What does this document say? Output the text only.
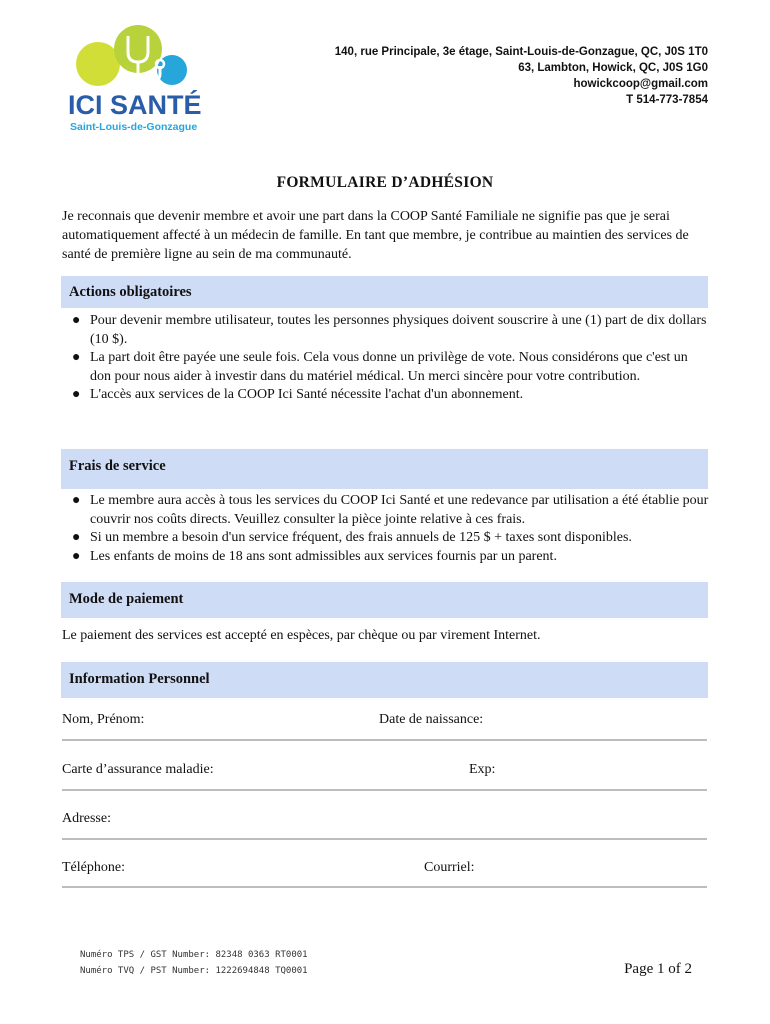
ICI SANTÉ
Saint-Louis-de-Gonzague
140, rue Principale, 3e étage, Saint-Louis-de-Gonzague, QC, J0S 1T0
63, Lambton, Howick, QC, J0S 1G0
howickcoop@gmail.com
T 514-773-7854
FORMULAIRE D’ADHÉSION
Je reconnais que devenir membre et avoir une part dans la COOP Santé Familiale ne signifie pas que je serai automatiquement affecté à un médecin de famille. En tant que membre, je contribue au maintien des services de santé de première ligne au sein de ma communauté.
Actions obligatoires
● Pour devenir membre utilisateur, toutes les personnes physiques doivent souscrire à une (1) part de dix dollars (10 $).
● La part doit être payée une seule fois. Cela vous donne un privilège de vote. Nous considérons que c'est un don pour nous aider à investir dans du matériel médical. Un merci sincère pour votre contribution.
● L'accès aux services de la COOP Ici Santé nécessite l'achat d'un abonnement.
Frais de service
● Le membre aura accès à tous les services du COOP Ici Santé et une redevance par utilisation a été établie pour couvrir nos coûts directs. Veuillez consulter la pièce jointe relative à ces frais.
● Si un membre a besoin d'un service fréquent, des frais annuels de 125 $ + taxes sont disponibles.
● Les enfants de moins de 18 ans sont admissibles aux services fournis par un parent.
Mode de paiement
Le paiement des services est accepté en espèces, par chèque ou par virement Internet.
Information Personnel
Nom, Prénom:	Date de naissance:
Carte d’assurance maladie:	Exp:
Adresse:
Téléphone:	Courriel:
Numéro TPS / GST Number: 82348 0363 RT0001
Numéro TVQ / PST Number: 1222694848 TQ0001	Page 1 of 2
